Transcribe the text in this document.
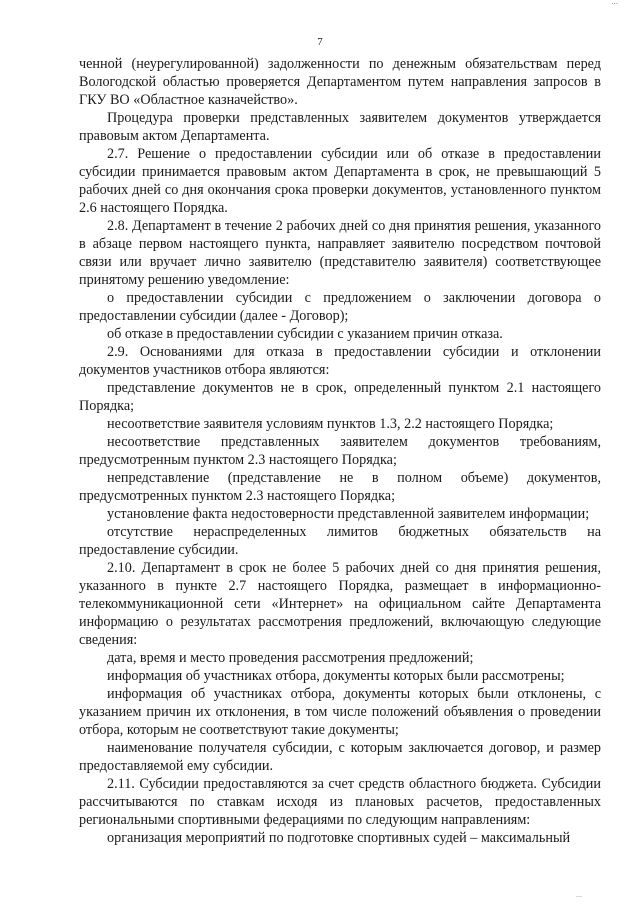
...
7

ченной (неурегулированной) задолженности по денежным обязательствам перед Вологодской областью проверяется Департаментом путем направления запросов в ГКУ ВО «Областное казначейство».

Процедура проверки представленных заявителем документов утверждается правовым актом Департамента.

2.7. Решение о предоставлении субсидии или об отказе в предоставлении субсидии принимается правовым актом Департамента в срок, не превышающий 5 рабочих дней со дня окончания срока проверки документов, установленного пунктом 2.6 настоящего Порядка.

2.8. Департамент в течение 2 рабочих дней со дня принятия решения, указанного в абзаце первом настоящего пункта, направляет заявителю посредством почтовой связи или вручает лично заявителю (представителю заявителя) соответствующее принятому решению уведомление:

о предоставлении субсидии с предложением о заключении договора о предоставлении субсидии (далее - Договор);

об отказе в предоставлении субсидии с указанием причин отказа.

2.9. Основаниями для отказа в предоставлении субсидии и отклонении документов участников отбора являются:

представление документов не в срок, определенный пунктом 2.1 настоящего Порядка;

несоответствие заявителя условиям пунктов 1.3, 2.2 настоящего Порядка;

несоответствие представленных заявителем документов требованиям, предусмотренным пунктом 2.3 настоящего Порядка;

непредставление (представление не в полном объеме) документов, предусмотренных пунктом 2.3 настоящего Порядка;

установление факта недостоверности представленной заявителем информации;

отсутствие нераспределенных лимитов бюджетных обязательств на предоставление субсидии.

2.10. Департамент в срок не более 5 рабочих дней со дня принятия решения, указанного в пункте 2.7 настоящего Порядка, размещает в информационно-телекоммуникационной сети «Интернет» на официальном сайте Департамента информацию о результатах рассмотрения предложений, включающую следующие сведения:

дата, время и место проведения рассмотрения предложений;

информация об участниках отбора, документы которых были рассмотрены;

информация об участниках отбора, документы которых были отклонены, с указанием причин их отклонения, в том числе положений объявления о проведении отбора, которым не соответствуют такие документы;

наименование получателя субсидии, с которым заключается договор, и размер предоставляемой ему субсидии.

2.11. Субсидии предоставляются за счет средств областного бюджета. Субсидии рассчитываются по ставкам исходя из плановых расчетов, предоставленных региональными спортивными федерациями по следующим направлениям:

организация мероприятий по подготовке спортивных судей – максимальный

...
